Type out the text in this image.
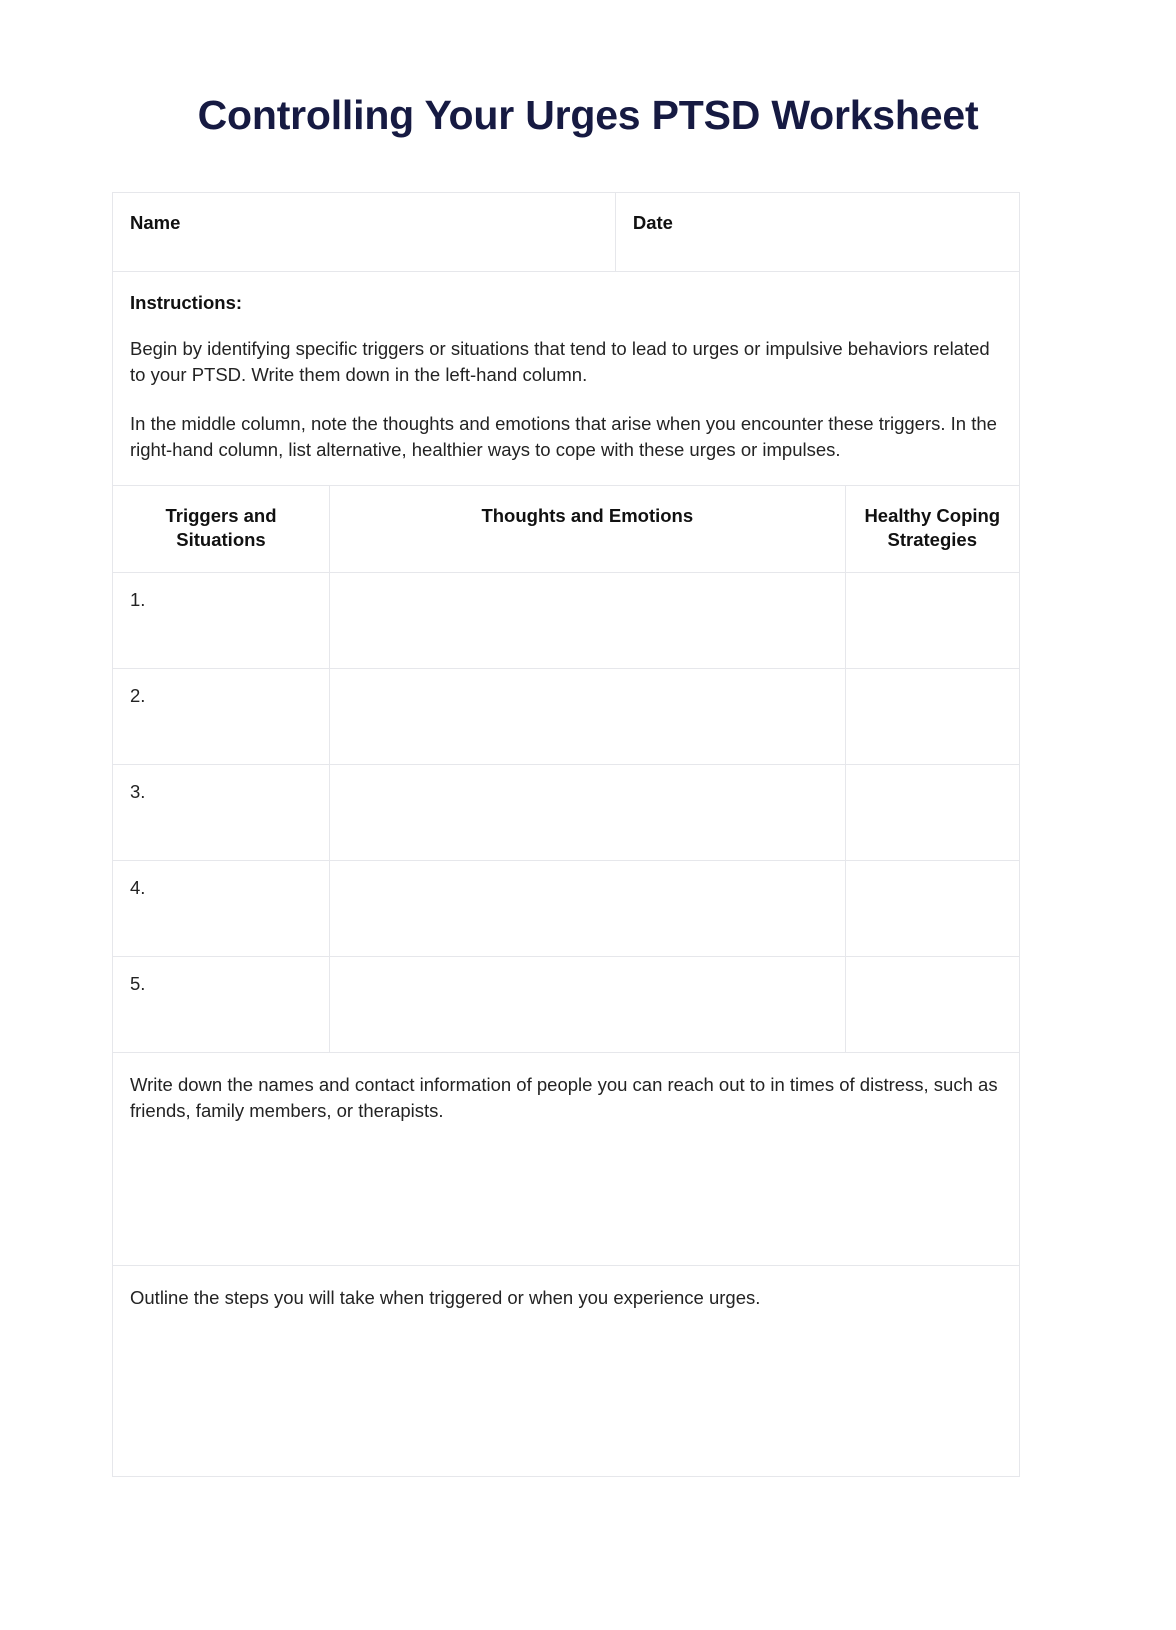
Controlling Your Urges PTSD Worksheet
Name	Date

Instructions:

Begin by identifying specific triggers or situations that tend to lead to urges or impulsive behaviors related to your PTSD. Write them down in the left-hand column.

In the middle column, note the thoughts and emotions that arise when you encounter these triggers. In the right-hand column, list alternative, healthier ways to cope with these urges or impulses.

Triggers and Situations	Thoughts and Emotions	Healthy Coping Strategies
1.		
2.		
3.		
4.		
5.		

Write down the names and contact information of people you can reach out to in times of distress, such as friends, family members, or therapists.

Outline the steps you will take when triggered or when you experience urges.
